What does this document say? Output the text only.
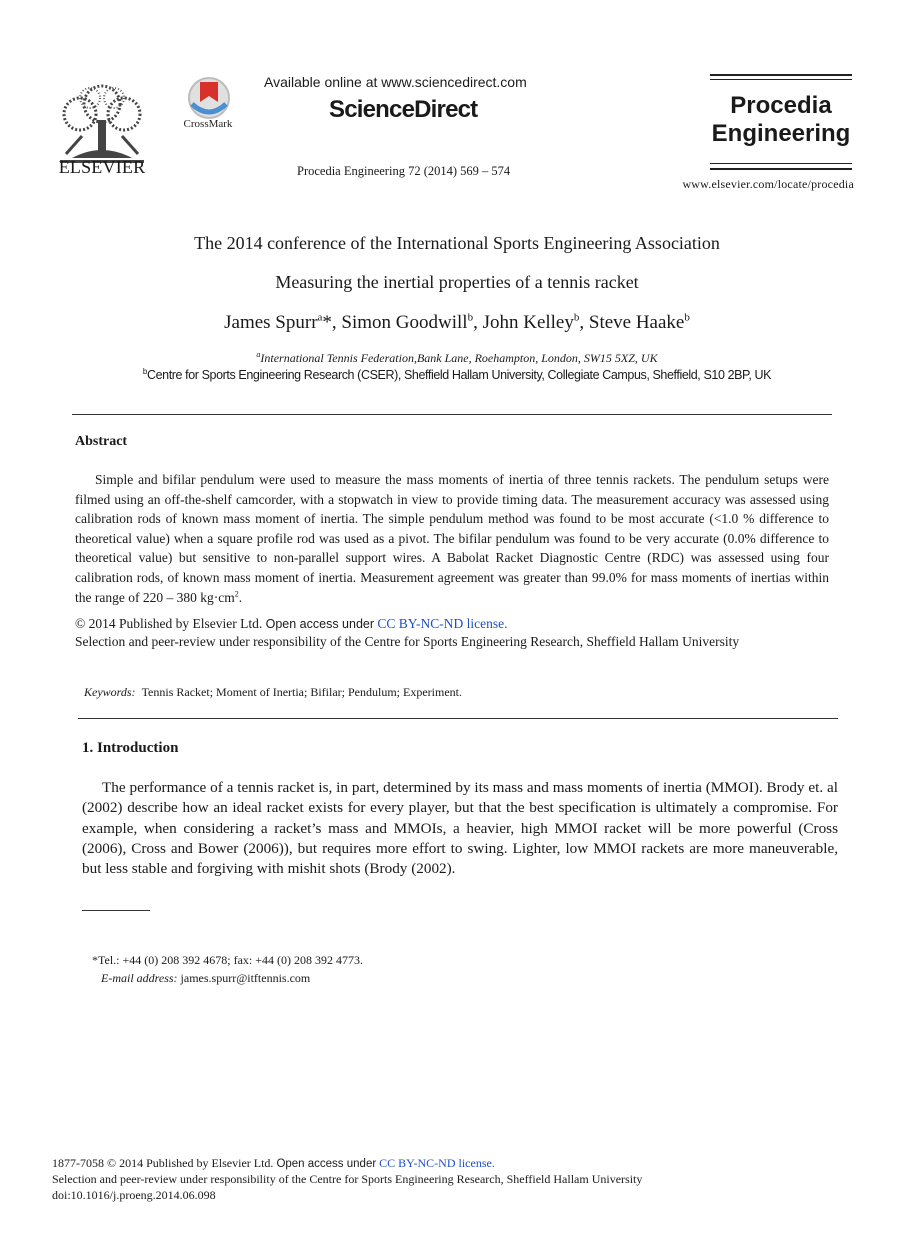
ELSEVIER
CrossMark
Available online at www.sciencedirect.com
ScienceDirect
Procedia Engineering 72 (2014) 569 – 574
Procedia
Engineering
www.elsevier.com/locate/procedia
The 2014 conference of the International Sports Engineering Association
Measuring the inertial properties of a tennis racket
James Spurr$^a$*, Simon Goodwill$^b$, John Kelley$^b$, Steve Haake$^b$
$^a$International Tennis Federation,Bank Lane, Roehampton, London, SW15 5XZ, UK
$^b$Centre for Sports Engineering Research (CSER), Sheffield Hallam University, Collegiate Campus, Sheffield, S10 2BP, UK
Abstract
Simple and bifilar pendulum were used to measure the mass moments of inertia of three tennis rackets. The pendulum setups were filmed using an off-the-shelf camcorder, with a stopwatch in view to provide timing data. The measurement accuracy was assessed using calibration rods of known mass moment of inertia. The simple pendulum method was found to be most accurate (<1.0 % difference to theoretical value) when a square profile rod was used as a pivot. The bifilar pendulum was found to be very accurate (0.0% difference to theoretical value) but sensitive to non-parallel support wires. A Babolat Racket Diagnostic Centre (RDC) was assessed using four calibration rods, of known mass moment of inertia. Measurement agreement was greater than 99.0% for mass moments of inertias within the range of 220 – 380 $kg\cdot cm^2$.
© 2014 Published by Elsevier Ltd. Open access under CC BY-NC-ND license.
Selection and peer-review under responsibility of the Centre for Sports Engineering Research, Sheffield Hallam University
Keywords: Tennis Racket; Moment of Inertia; Bifilar; Pendulum; Experiment.
1. Introduction
The performance of a tennis racket is, in part, determined by its mass and mass moments of inertia (MMOI). Brody et. al (2002) describe how an ideal racket exists for every player, but that the best specification is ultimately a compromise. For example, when considering a racket’s mass and MMOIs, a heavier, high MMOI racket will be more powerful (Cross (2006), Cross and Bower (2006)), but requires more effort to swing. Lighter, low MMOI rackets are more maneuverable, but less stable and forgiving with mishit shots (Brody (2002).
*Tel.: +44 (0) 208 392 4678; fax: +44 (0) 208 392 4773.
E-mail address: james.spurr@itftennis.com
1877-7058 © 2014 Published by Elsevier Ltd. Open access under CC BY-NC-ND license.
Selection and peer-review under responsibility of the Centre for Sports Engineering Research, Sheffield Hallam University
doi:10.1016/j.proeng.2014.06.098
